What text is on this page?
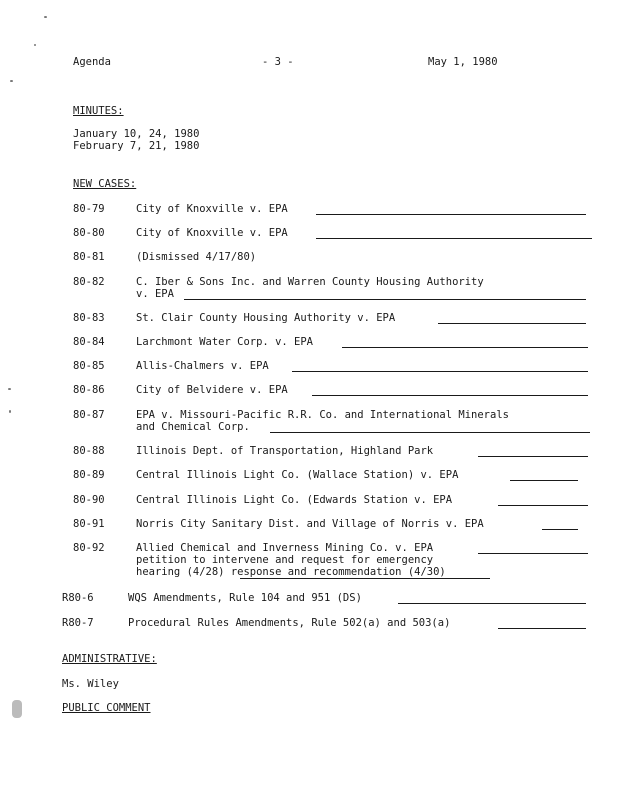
Agenda	- 3 -	May 1, 1980
MINUTES:
January 10, 24, 1980
February 7, 21, 1980
NEW CASES:
80-79	City of Knoxville v. EPA
80-80	City of Knoxville v. EPA
80-81	(Dismissed 4/17/80)
80-82	C. Iber & Sons Inc. and Warren County Housing Authority
v. EPA
80-83	St. Clair County Housing Authority v. EPA
80-84	Larchmont Water Corp. v. EPA
80-85	Allis-Chalmers v. EPA
80-86	City of Belvidere v. EPA
80-87	EPA v. Missouri-Pacific R.R. Co. and International Minerals
and Chemical Corp.
80-88	Illinois Dept. of Transportation, Highland Park
80-89	Central Illinois Light Co. (Wallace Station) v. EPA
80-90	Central Illinois Light Co. (Edwards Station v. EPA
80-91	Norris City Sanitary Dist. and Village of Norris v. EPA
80-92	Allied Chemical and Inverness Mining Co. v. EPA
petition to intervene and request for emergency
hearing (4/28) response and recommendation (4/30)
R80-6	WQS Amendments, Rule 104 and 951 (DS)
R80-7	Procedural Rules Amendments, Rule 502(a) and 503(a)
ADMINISTRATIVE:
Ms. Wiley
PUBLIC COMMENT
